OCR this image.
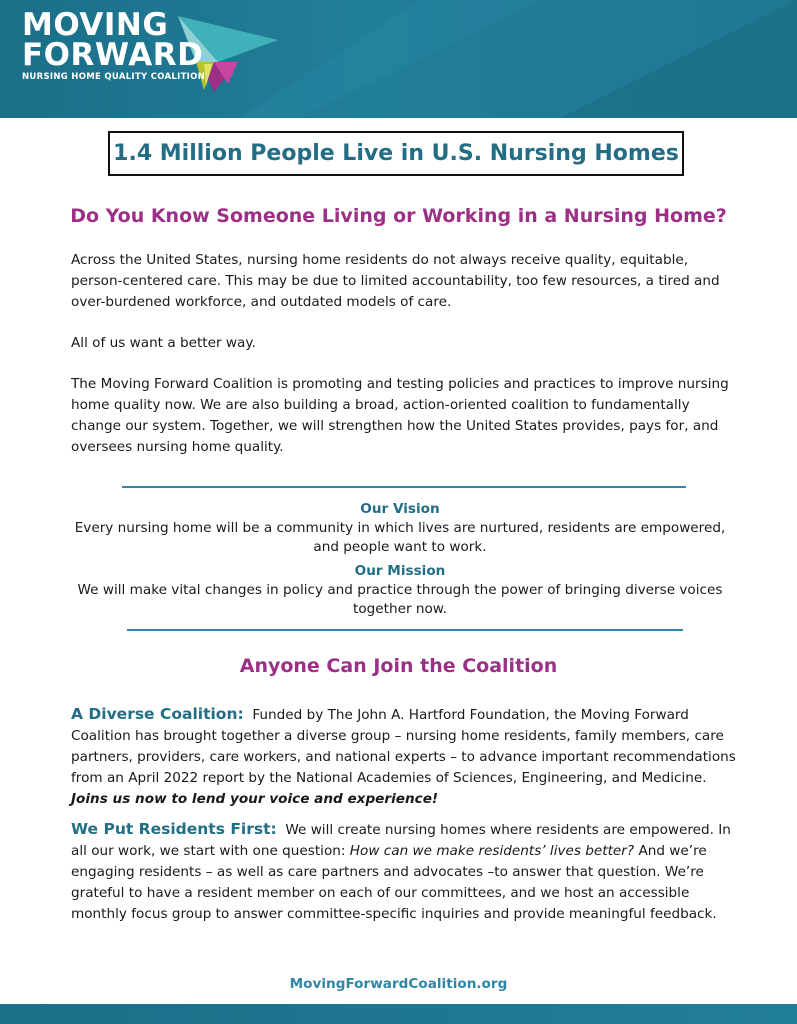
MOVING
FORWARD
NURSING HOME QUALITY COALITION
1.4 Million People Live in U.S. Nursing Homes
Do You Know Someone Living or Working in a Nursing Home?
Across the United States, nursing home residents do not always receive quality, equitable, person-centered care. This may be due to limited accountability, too few resources, a tired and over-burdened workforce, and outdated models of care.
All of us want a better way.
The Moving Forward Coalition is promoting and testing policies and practices to improve nursing home quality now. We are also building a broad, action-oriented coalition to fundamentally change our system. Together, we will strengthen how the United States provides, pays for, and oversees nursing home quality.
Our Vision
Every nursing home will be a community in which lives are nurtured, residents are empowered, and people want to work.
Our Mission
We will make vital changes in policy and practice through the power of bringing diverse voices together now.
Anyone Can Join the Coalition
A Diverse Coalition: Funded by The John A. Hartford Foundation, the Moving Forward Coalition has brought together a diverse group – nursing home residents, family members, care partners, providers, care workers, and national experts – to advance important recommendations from an April 2022 report by the National Academies of Sciences, Engineering, and Medicine. Joins us now to lend your voice and experience!
We Put Residents First: We will create nursing homes where residents are empowered. In all our work, we start with one question: How can we make residents’ lives better? And we’re engaging residents – as well as care partners and advocates –to answer that question. We’re grateful to have a resident member on each of our committees, and we host an accessible monthly focus group to answer committee-specific inquiries and provide meaningful feedback.
MovingForwardCoalition.org
